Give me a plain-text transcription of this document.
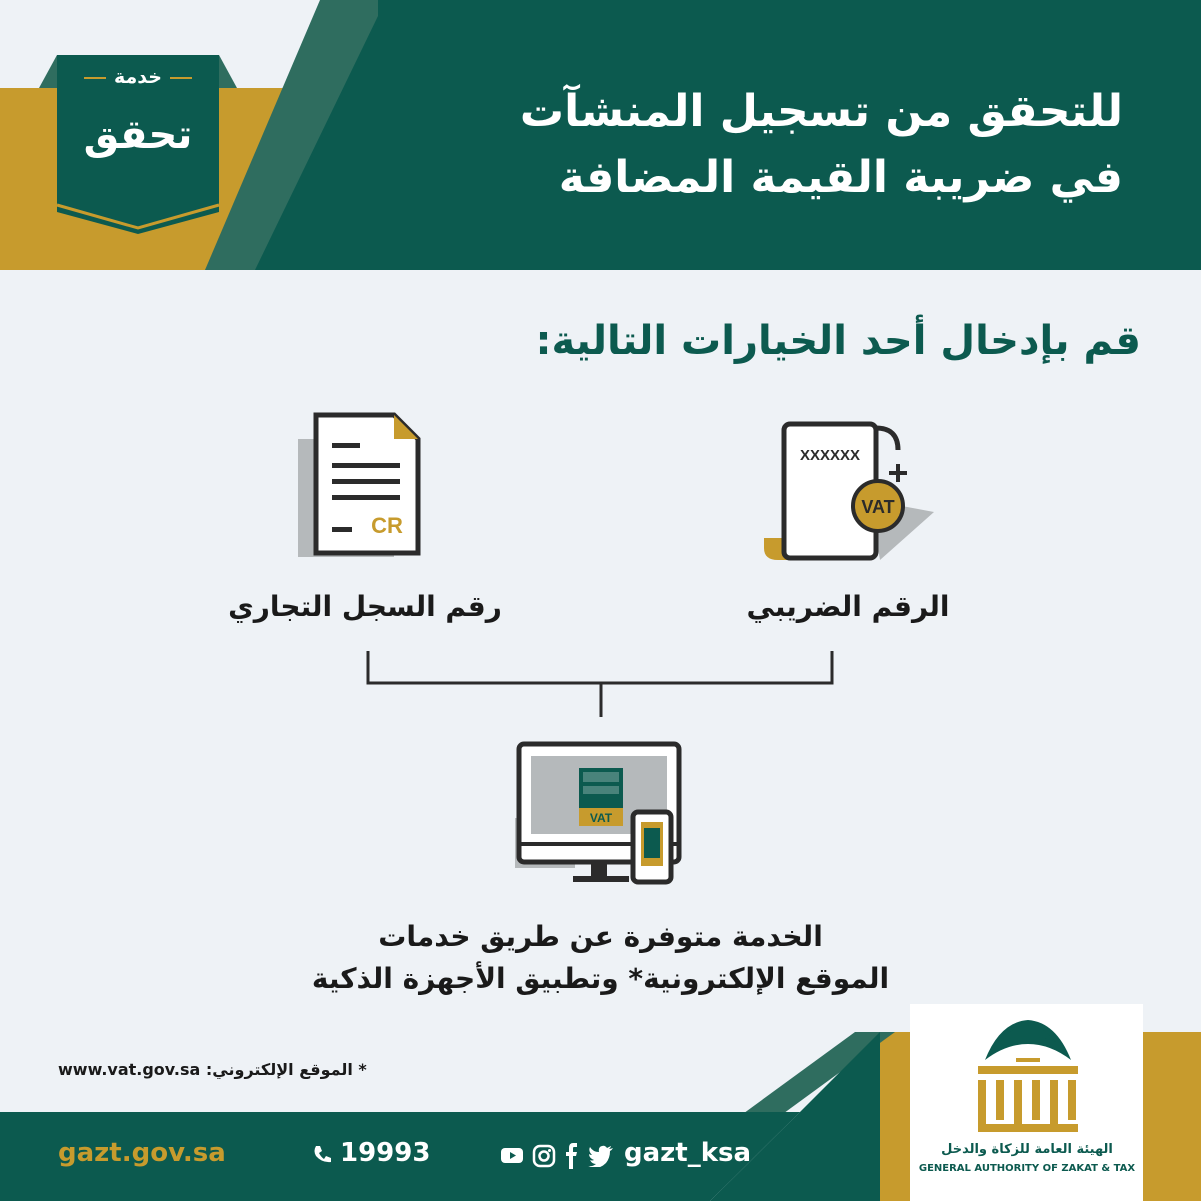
خدمة
تحقق	للتحقق من تسجيل المنشآت
في ضريبة القيمة المضافة
قم بإدخال أحد الخيارات التالية:
CR
XXXXXX
VAT
الرقم الضريبي
رقم السجل التجاري
VAT
الخدمة متوفرة عن طريق خدمات
الموقع الإلكترونية* وتطبيق الأجهزة الذكية
* الموقع الإلكتروني: www.vat.gov.sa
gazt.gov.sa	19993	gazt_ksa	الهيئة العامة للزكاة والدخل
GENERAL AUTHORITY OF ZAKAT & TAX
